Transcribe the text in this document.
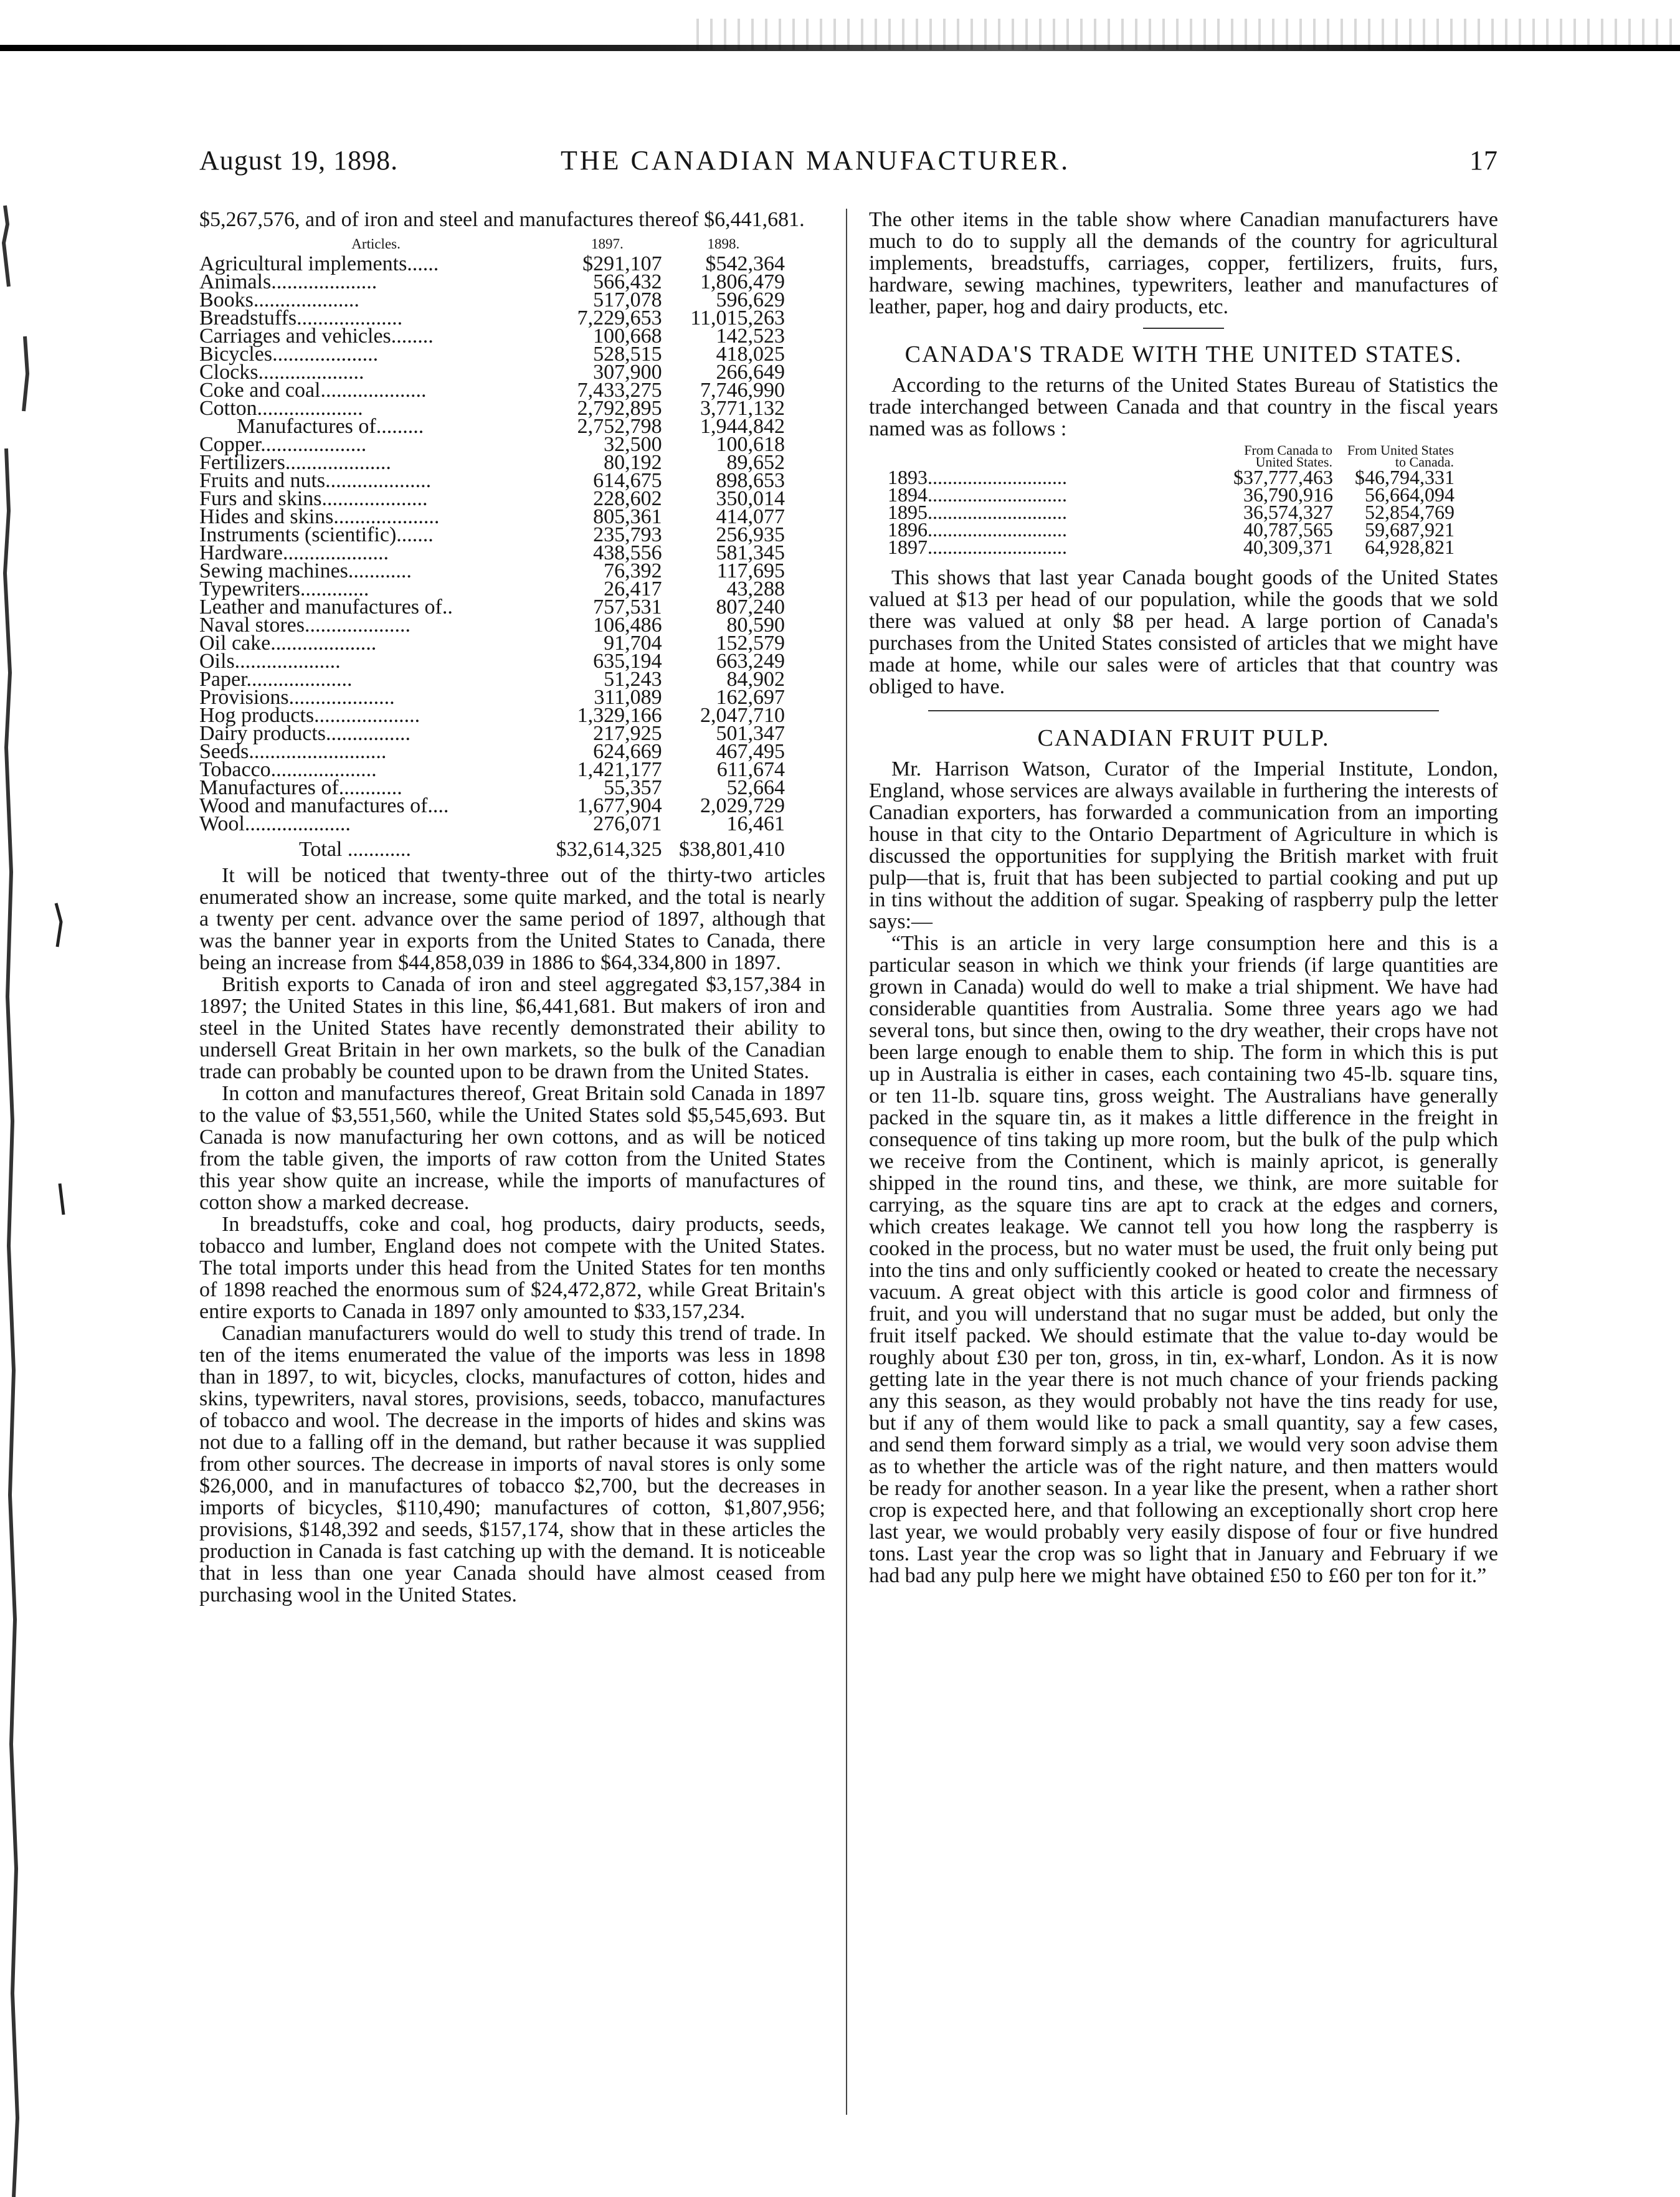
August 19, 1898.	THE CANADIAN MANUFACTURER.	17

$5,267,576, and of iron and steel and manufactures thereof $6,441,681.

Articles.	1897.	1898.
Agricultural implements......	$291,107	$542,364
Animals....................	566,432	1,806,479
Books....................	517,078	596,629
Breadstuffs....................	7,229,653	11,015,263
Carriages and vehicles........	100,668	142,523
Bicycles....................	528,515	418,025
Clocks....................	307,900	266,649
Coke and coal....................	7,433,275	7,746,990
Cotton....................	2,792,895	3,771,132
Manufactures of.........	2,752,798	1,944,842
Copper....................	32,500	100,618
Fertilizers....................	80,192	89,652
Fruits and nuts....................	614,675	898,653
Furs and skins....................	228,602	350,014
Hides and skins....................	805,361	414,077
Instruments (scientific).......	235,793	256,935
Hardware....................	438,556	581,345
Sewing machines............	76,392	117,695
Typewriters.............	26,417	43,288
Leather and manufactures of..	757,531	807,240
Naval stores....................	106,486	80,590
Oil cake....................	91,704	152,579
Oils....................	635,194	663,249
Paper....................	51,243	84,902
Provisions....................	311,089	162,697
Hog products....................	1,329,166	2,047,710
Dairy products................	217,925	501,347
Seeds..........................	624,669	467,495
Tobacco....................	1,421,177	611,674
Manufactures of............	55,357	52,664
Wood and manufactures of....	1,677,904	2,029,729
Wool....................	276,071	16,461
Total ............	$32,614,325	$38,801,410

It will be noticed that twenty-three out of the thirty-two articles enumerated show an increase, some quite marked, and the total is nearly a twenty per cent. advance over the same period of 1897, although that was the banner year in exports from the United States to Canada, there being an increase from $44,858,039 in 1886 to $64,334,800 in 1897.

British exports to Canada of iron and steel aggregated $3,157,384 in 1897; the United States in this line, $6,441,681. But makers of iron and steel in the United States have recently demonstrated their ability to undersell Great Britain in her own markets, so the bulk of the Canadian trade can probably be counted upon to be drawn from the United States.

In cotton and manufactures thereof, Great Britain sold Canada in 1897 to the value of $3,551,560, while the United States sold $5,545,693. But Canada is now manufacturing her own cottons, and as will be noticed from the table given, the imports of raw cotton from the United States this year show quite an increase, while the imports of manufactures of cotton show a marked decrease.

In breadstuffs, coke and coal, hog products, dairy products, seeds, tobacco and lumber, England does not compete with the United States. The total imports under this head from the United States for ten months of 1898 reached the enormous sum of $24,472,872, while Great Britain's entire exports to Canada in 1897 only amounted to $33,157,234.

Canadian manufacturers would do well to study this trend of trade. In ten of the items enumerated the value of the imports was less in 1898 than in 1897, to wit, bicycles, clocks, manufactures of cotton, hides and skins, typewriters, naval stores, provisions, seeds, tobacco, manufactures of tobacco and wool. The decrease in the imports of hides and skins was not due to a falling off in the demand, but rather because it was supplied from other sources. The decrease in imports of naval stores is only some $26,000, and in manufactures of tobacco $2,700, but the decreases in imports of bicycles, $110,490; manufactures of cotton, $1,807,956; provisions, $148,392 and seeds, $157,174, show that in these articles the production in Canada is fast catching up with the demand. It is noticeable that in less than one year Canada should have almost ceased from purchasing wool in the United States.

The other items in the table show where Canadian manufacturers have much to do to supply all the demands of the country for agricultural implements, breadstuffs, carriages, copper, fertilizers, fruits, furs, hardware, sewing machines, typewriters, leather and manufactures of leather, paper, hog and dairy products, etc.

CANADA'S TRADE WITH THE UNITED STATES.

According to the returns of the United States Bureau of Statistics the trade interchanged between Canada and that country in the fiscal years named was as follows :

	From Canada to United States.	From United States to Canada.
1893............................	$37,777,463	$46,794,331
1894............................	36,790,916	56,664,094
1895............................	36,574,327	52,854,769
1896............................	40,787,565	59,687,921
1897............................	40,309,371	64,928,821

This shows that last year Canada bought goods of the United States valued at $13 per head of our population, while the goods that we sold there was valued at only $8 per head. A large portion of Canada's purchases from the United States consisted of articles that we might have made at home, while our sales were of articles that that country was obliged to have.

CANADIAN FRUIT PULP.

Mr. Harrison Watson, Curator of the Imperial Institute, London, England, whose services are always available in furthering the interests of Canadian exporters, has forwarded a communication from an importing house in that city to the Ontario Department of Agriculture in which is discussed the opportunities for supplying the British market with fruit pulp—that is, fruit that has been subjected to partial cooking and put up in tins without the addition of sugar. Speaking of raspberry pulp the letter says:—

“This is an article in very large consumption here and this is a particular season in which we think your friends (if large quantities are grown in Canada) would do well to make a trial shipment. We have had considerable quantities from Australia. Some three years ago we had several tons, but since then, owing to the dry weather, their crops have not been large enough to enable them to ship. The form in which this is put up in Australia is either in cases, each containing two 45-lb. square tins, or ten 11-lb. square tins, gross weight. The Australians have generally packed in the square tin, as it makes a little difference in the freight in consequence of tins taking up more room, but the bulk of the pulp which we receive from the Continent, which is mainly apricot, is generally shipped in the round tins, and these, we think, are more suitable for carrying, as the square tins are apt to crack at the edges and corners, which creates leakage. We cannot tell you how long the raspberry is cooked in the process, but no water must be used, the fruit only being put into the tins and only sufficiently cooked or heated to create the necessary vacuum. A great object with this article is good color and firmness of fruit, and you will understand that no sugar must be added, but only the fruit itself packed. We should estimate that the value to-day would be roughly about £30 per ton, gross, in tin, ex-wharf, London. As it is now getting late in the year there is not much chance of your friends packing any this season, as they would probably not have the tins ready for use, but if any of them would like to pack a small quantity, say a few cases, and send them forward simply as a trial, we would very soon advise them as to whether the article was of the right nature, and then matters would be ready for another season. In a year like the present, when a rather short crop is expected here, and that following an exceptionally short crop here last year, we would probably very easily dispose of four or five hundred tons. Last year the crop was so light that in January and February if we had bad any pulp here we might have obtained £50 to £60 per ton for it.”
